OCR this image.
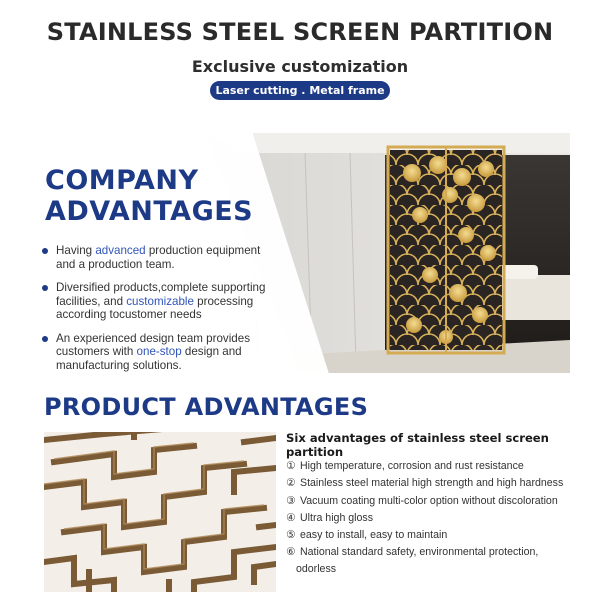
STAINLESS STEEL SCREEN PARTITION
Exclusive customization
Laser cutting . Metal frame
COMPANY
ADVANTAGES
Having advanced production equipment and a production team.
Diversified products,complete supporting facilities, and customizable processing according tocustomer needs
An experienced design team provides customers with one-stop design and manufacturing solutions.
PRODUCT ADVANTAGES
Six advantages of stainless steel screen partition
① High temperature, corrosion and rust resistance
② Stainless steel material high strength and high hardness
③ Vacuum coating multi-color option without discoloration
④ Ultra high gloss
⑤ easy to install, easy to maintain
⑥ National standard safety, environmental protection,
odorless
